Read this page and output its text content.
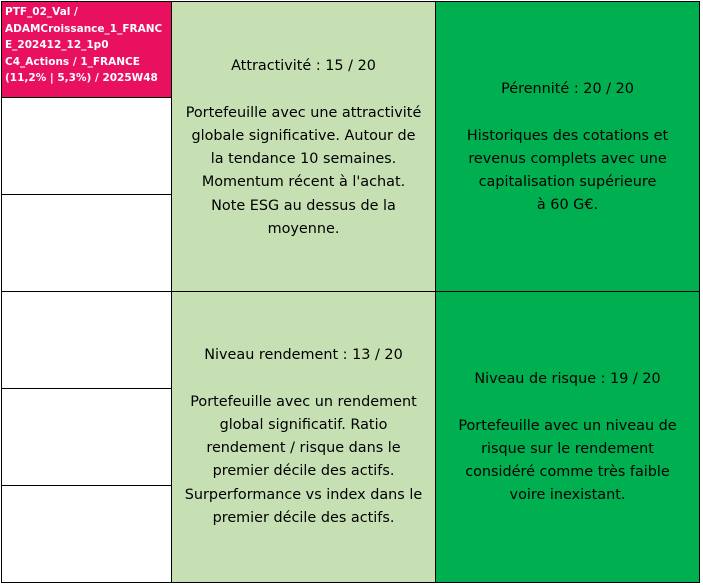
PTF_02_Val /
ADAMCroissance_1_FRANC
E_202412_12_1p0
C4_Actions / 1_FRANCE
(11,2% | 5,3%) / 2025W48
Attractivité : 15 / 20
Portefeuille avec une attractivité
globale significative. Autour de
la tendance 10 semaines.
Momentum récent à l'achat.
Note ESG au dessus de la
moyenne.
Pérennité : 20 / 20
Historiques des cotations et
revenus complets avec une
capitalisation supérieure
à 60 G€.
Niveau rendement : 13 / 20
Portefeuille avec un rendement
global significatif. Ratio
rendement / risque dans le
premier décile des actifs.
Surperformance vs index dans le
premier décile des actifs.
Niveau de risque : 19 / 20
Portefeuille avec un niveau de
risque sur le rendement
considéré comme très faible
voire inexistant.
